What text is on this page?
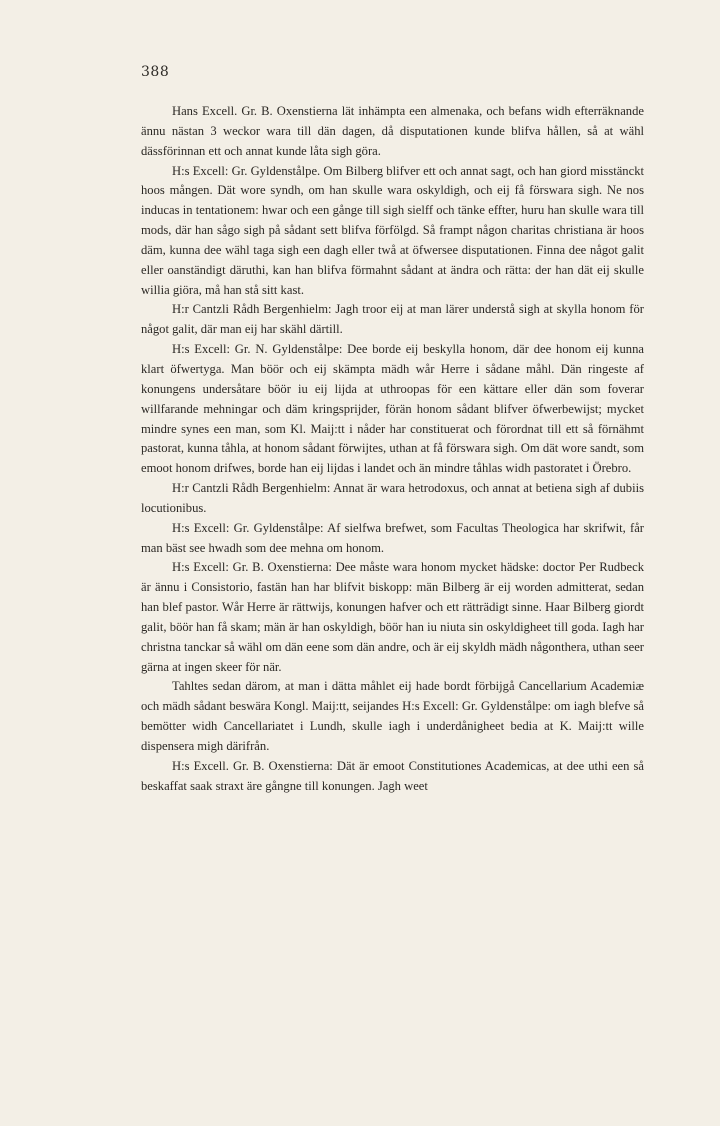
388

Hans Excell. Gr. B. Oxenstierna lät inhämpta een almenaka, och befans widh efterräknande ännu nästan 3 weckor wara till dän dagen, då disputationen kunde blifva hållen, så at wähl dässförinnan ett och annat kunde låta sigh göra.

H:s Excell: Gr. Gyldenstålpe. Om Bilberg blifver ett och annat sagt, och han giord misstänckt hoos mången. Dät wore syndh, om han skulle wara oskyldigh, och eij få förswara sigh. Ne nos inducas in tentationem: hwar och een gånge till sigh sielff och tänke effter, huru han skulle wara till mods, där han sågo sigh på sådant sett blifva förfölgd. Så frampt någon charitas christiana är hoos däm, kunna dee wähl taga sigh een dagh eller twå at öfwersee disputationen. Finna dee något galit eller oanständigt däruthi, kan han blifva förmahnt sådant at ändra och rätta: der han dät eij skulle willia giöra, må han stå sitt kast.

H:r Cantzli Rådh Bergenhielm: Jagh troor eij at man lärer understå sigh at skylla honom för något galit, där man eij har skähl därtill.

H:s Excell: Gr. N. Gyldenstålpe: Dee borde eij beskylla honom, där dee honom eij kunna klart öfwertyga. Man böör och eij skämpta mädh wår Herre i sådane måhl. Dän ringeste af konungens undersåtare böör iu eij lijda at uthroopas för een kättare eller dän som foverar willfarande mehningar och däm kringsprijder, förän honom sådant blifver öfwerbewijst; mycket mindre synes een man, som Kl. Maij:tt i nåder har constituerat och förordnat till ett så förnähmt pastorat, kunna tåhla, at honom sådant förwijtes, uthan at få förswara sigh. Om dät wore sandt, som emoot honom drifwes, borde han eij lijdas i landet och än mindre tåhlas widh pastoratet i Örebro.

H:r Cantzli Rådh Bergenhielm: Annat är wara hetrodoxus, och annat at betiena sigh af dubiis locutionibus.

H:s Excell: Gr. Gyldenstålpe: Af sielfwa brefwet, som Facultas Theologica har skrifwit, får man bäst see hwadh som dee mehna om honom.

H:s Excell: Gr. B. Oxenstierna: Dee måste wara honom mycket hädske: doctor Per Rudbeck är ännu i Consistorio, fastän han har blifvit biskopp: män Bilberg är eij worden admitterat, sedan han blef pastor. Wår Herre är rättwijs, konungen hafver och ett rätträdigt sinne. Haar Bilberg giordt galit, böör han få skam; män är han oskyldigh, böör han iu niuta sin oskyldigheet till goda. Iagh har christna tanckar så wähl om dän eene som dän andre, och är eij skyldh mädh någonthera, uthan seer gärna at ingen skeer för när.

Tahltes sedan därom, at man i dätta måhlet eij hade bordt förbijgå Cancellarium Academiæ och mädh sådant beswära Kongl. Maij:tt, seijandes H:s Excell: Gr. Gyldenstålpe: om iagh blefve så bemötter widh Cancellariatet i Lundh, skulle iagh i underdånigheet bedia at K. Maij:tt wille dispensera migh därifrån.

H:s Excell. Gr. B. Oxenstierna: Dät är emoot Constitutiones Academicas, at dee uthi een så beskaffat saak straxt äre gångne till konungen. Jagh weet
